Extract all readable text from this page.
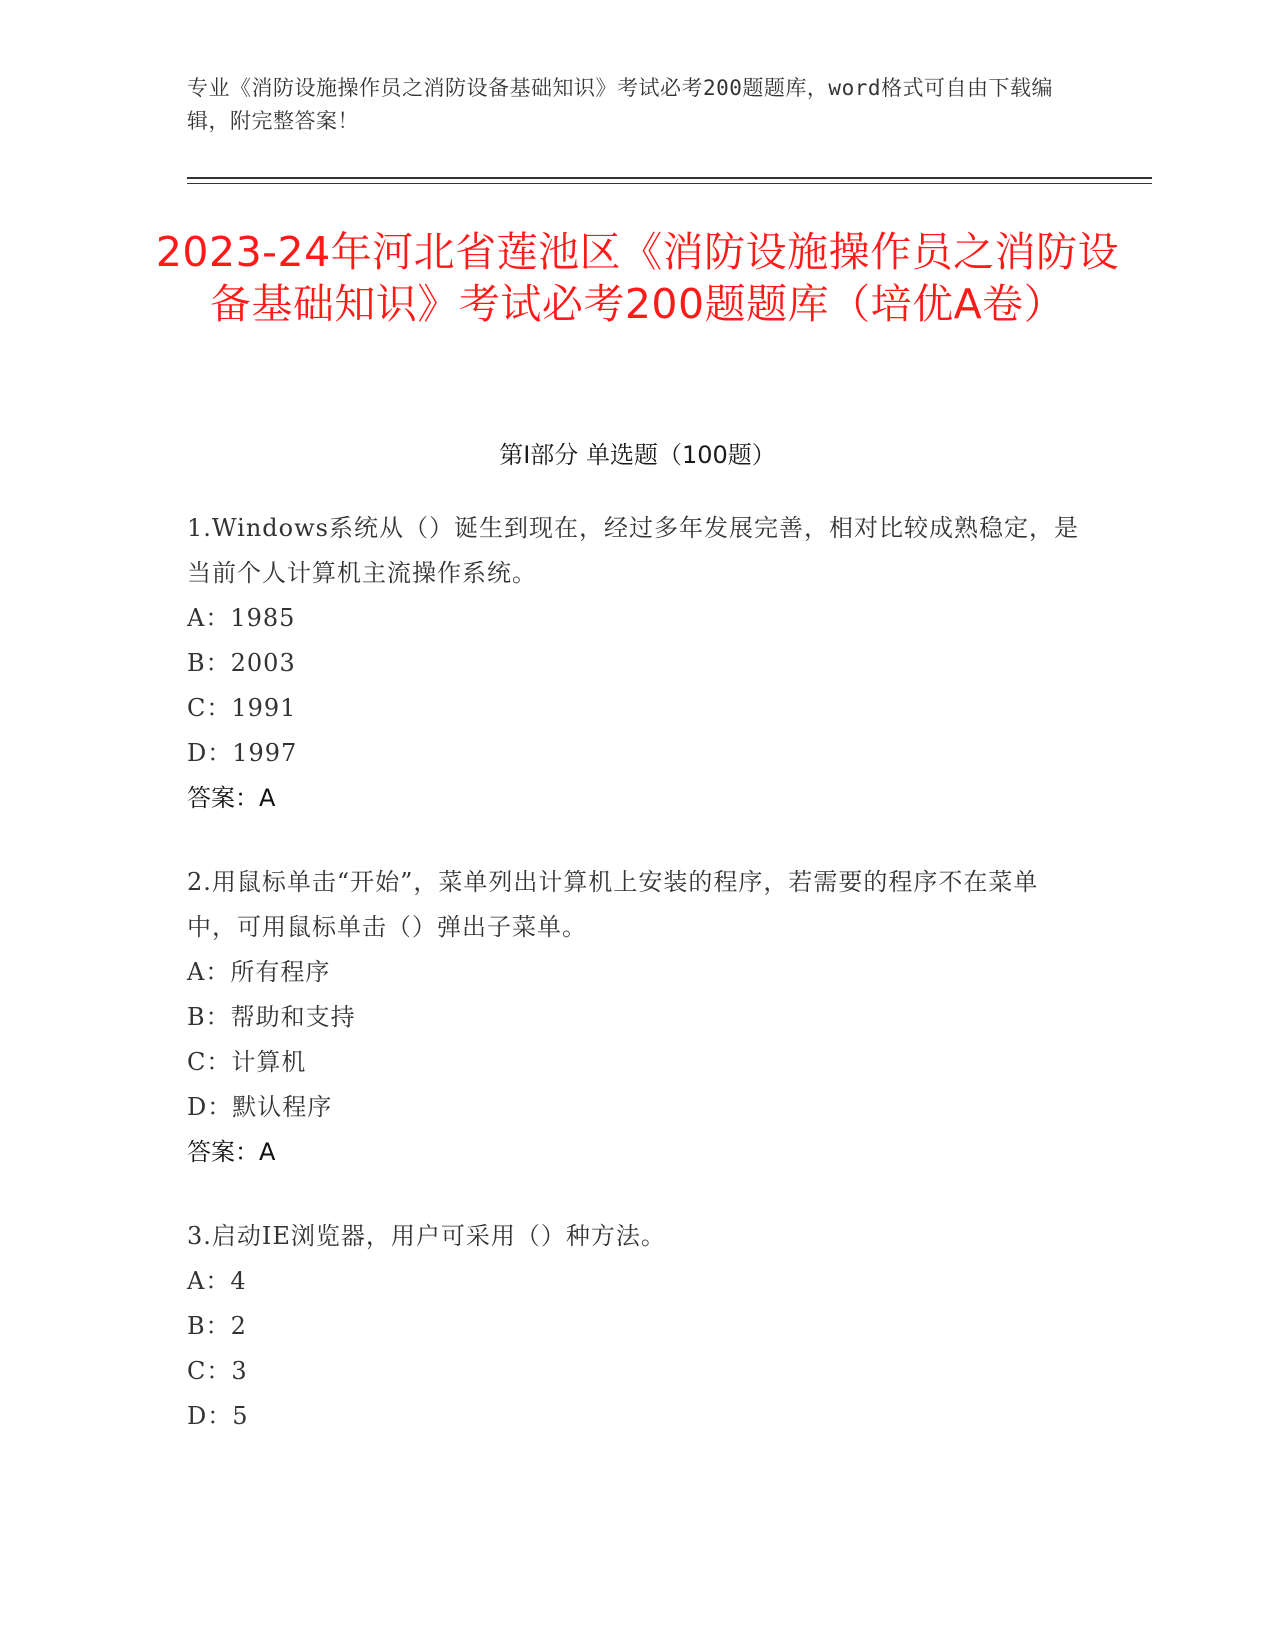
专业《消防设施操作员之消防设备基础知识》考试必考200题题库，word格式可自由下载编辑，附完整答案！
2023-24年河北省莲池区《消防设施操作员之消防设备基础知识》考试必考200题题库（培优A卷）
第Ⅰ部分 单选题（100题）
1.Windows系统从（）诞生到现在，经过多年发展完善，相对比较成熟稳定，是当前个人计算机主流操作系统。
A：1985
B：2003
C：1991
D：1997
答案：A
2.用鼠标单击“开始”，菜单列出计算机上安装的程序，若需要的程序不在菜单中，可用鼠标单击（）弹出子菜单。
A：所有程序
B：帮助和支持
C：计算机
D：默认程序
答案：A
3.启动IE浏览器，用户可采用（）种方法。
A：4
B：2
C：3
D：5
